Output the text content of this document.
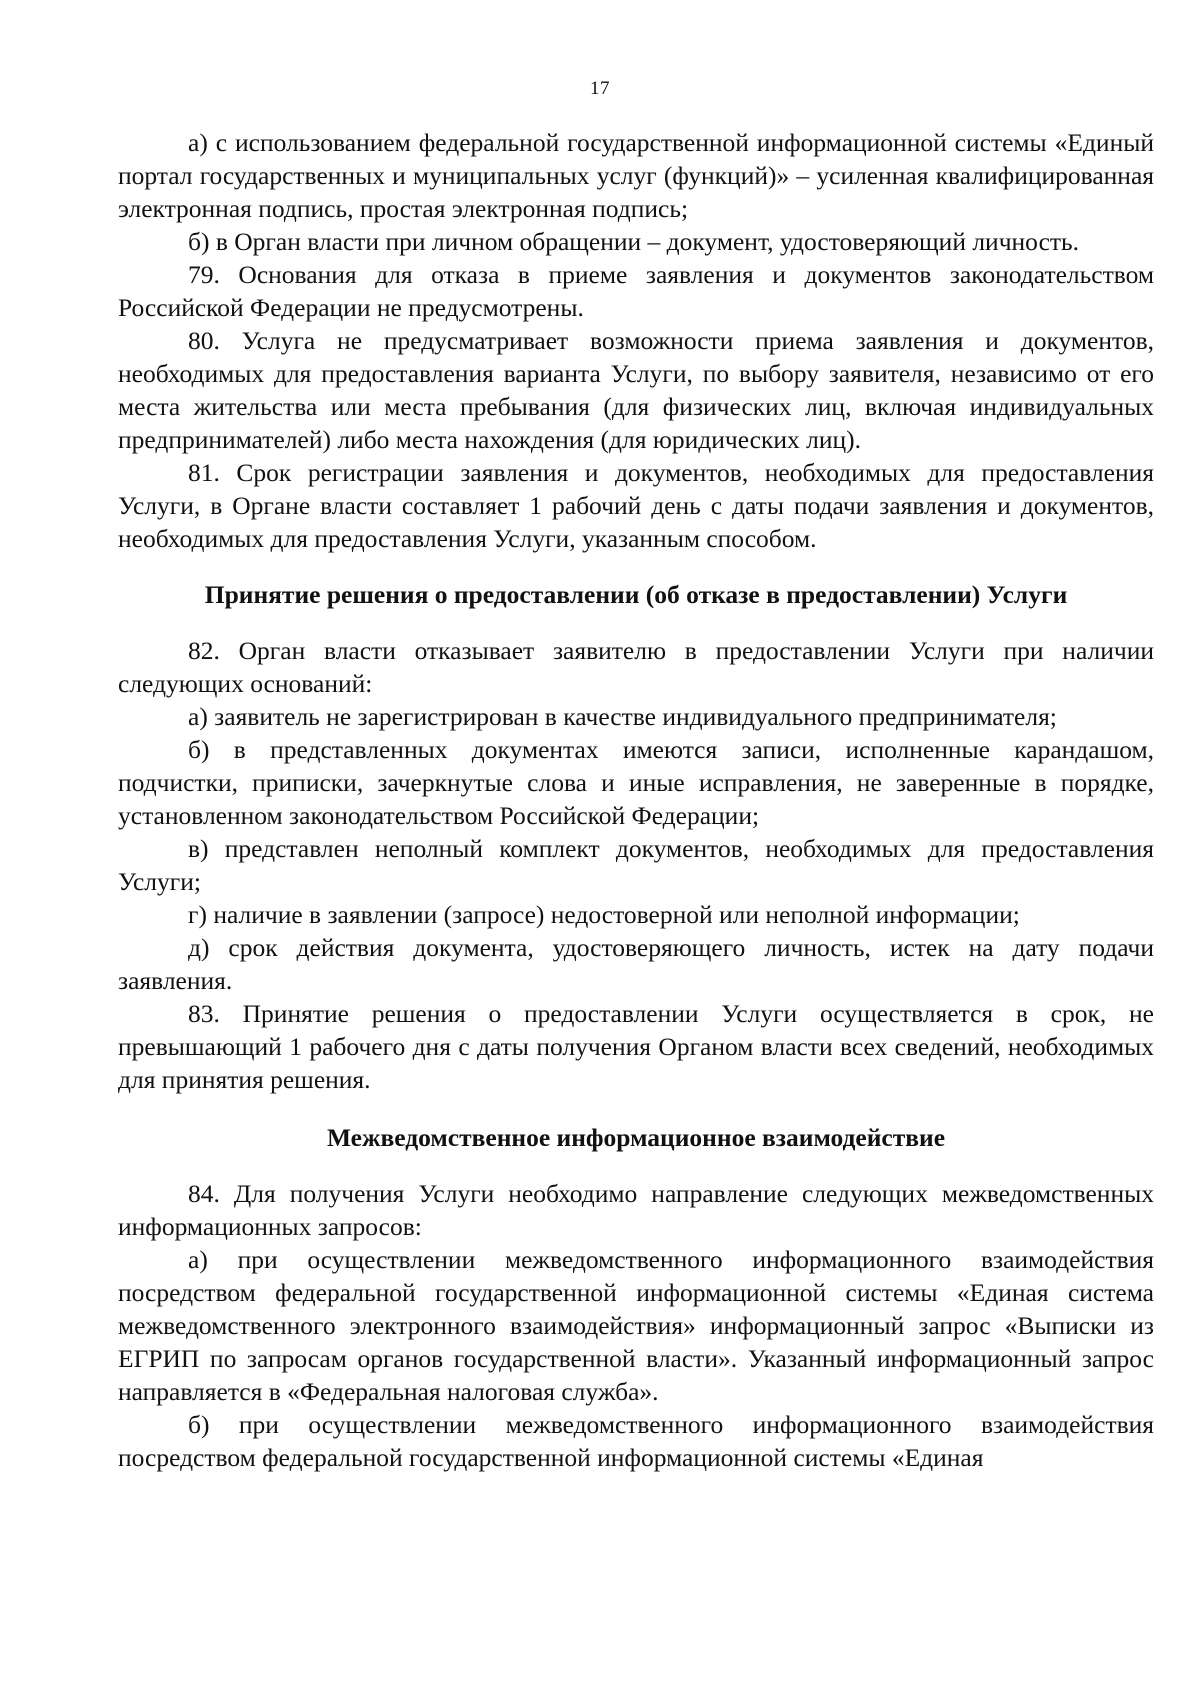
17

а) с использованием федеральной государственной информационной системы «Единый портал государственных и муниципальных услуг (функций)» – усиленная квалифицированная электронная подпись, простая электронная подпись;

б) в Орган власти при личном обращении – документ, удостоверяющий личность.

79. Основания для отказа в приеме заявления и документов законодательством Российской Федерации не предусмотрены.

80. Услуга не предусматривает возможности приема заявления и документов, необходимых для предоставления варианта Услуги, по выбору заявителя, независимо от его места жительства или места пребывания (для физических лиц, включая индивидуальных предпринимателей) либо места нахождения (для юридических лиц).

81. Срок регистрации заявления и документов, необходимых для предоставления Услуги, в Органе власти составляет 1 рабочий день с даты подачи заявления и документов, необходимых для предоставления Услуги, указанным способом.

Принятие решения о предоставлении (об отказе в предоставлении) Услуги

82. Орган власти отказывает заявителю в предоставлении Услуги при наличии следующих оснований:

а) заявитель не зарегистрирован в качестве индивидуального предпринимателя;

б) в представленных документах имеются записи, исполненные карандашом, подчистки, приписки, зачеркнутые слова и иные исправления, не заверенные в порядке, установленном законодательством Российской Федерации;

в) представлен неполный комплект документов, необходимых для предоставления Услуги;

г) наличие в заявлении (запросе) недостоверной или неполной информации;

д) срок действия документа, удостоверяющего личность, истек на дату подачи заявления.

83. Принятие решения о предоставлении Услуги осуществляется в срок, не превышающий 1 рабочего дня с даты получения Органом власти всех сведений, необходимых для принятия решения.

Межведомственное информационное взаимодействие

84. Для получения Услуги необходимо направление следующих межведомственных информационных запросов:

а) при осуществлении межведомственного информационного взаимодействия посредством федеральной государственной информационной системы «Единая система межведомственного электронного взаимодействия» информационный запрос «Выписки из ЕГРИП по запросам органов государственной власти». Указанный информационный запрос направляется в «Федеральная налоговая служба».

б) при осуществлении межведомственного информационного взаимодействия посредством федеральной государственной информационной системы «Единая
